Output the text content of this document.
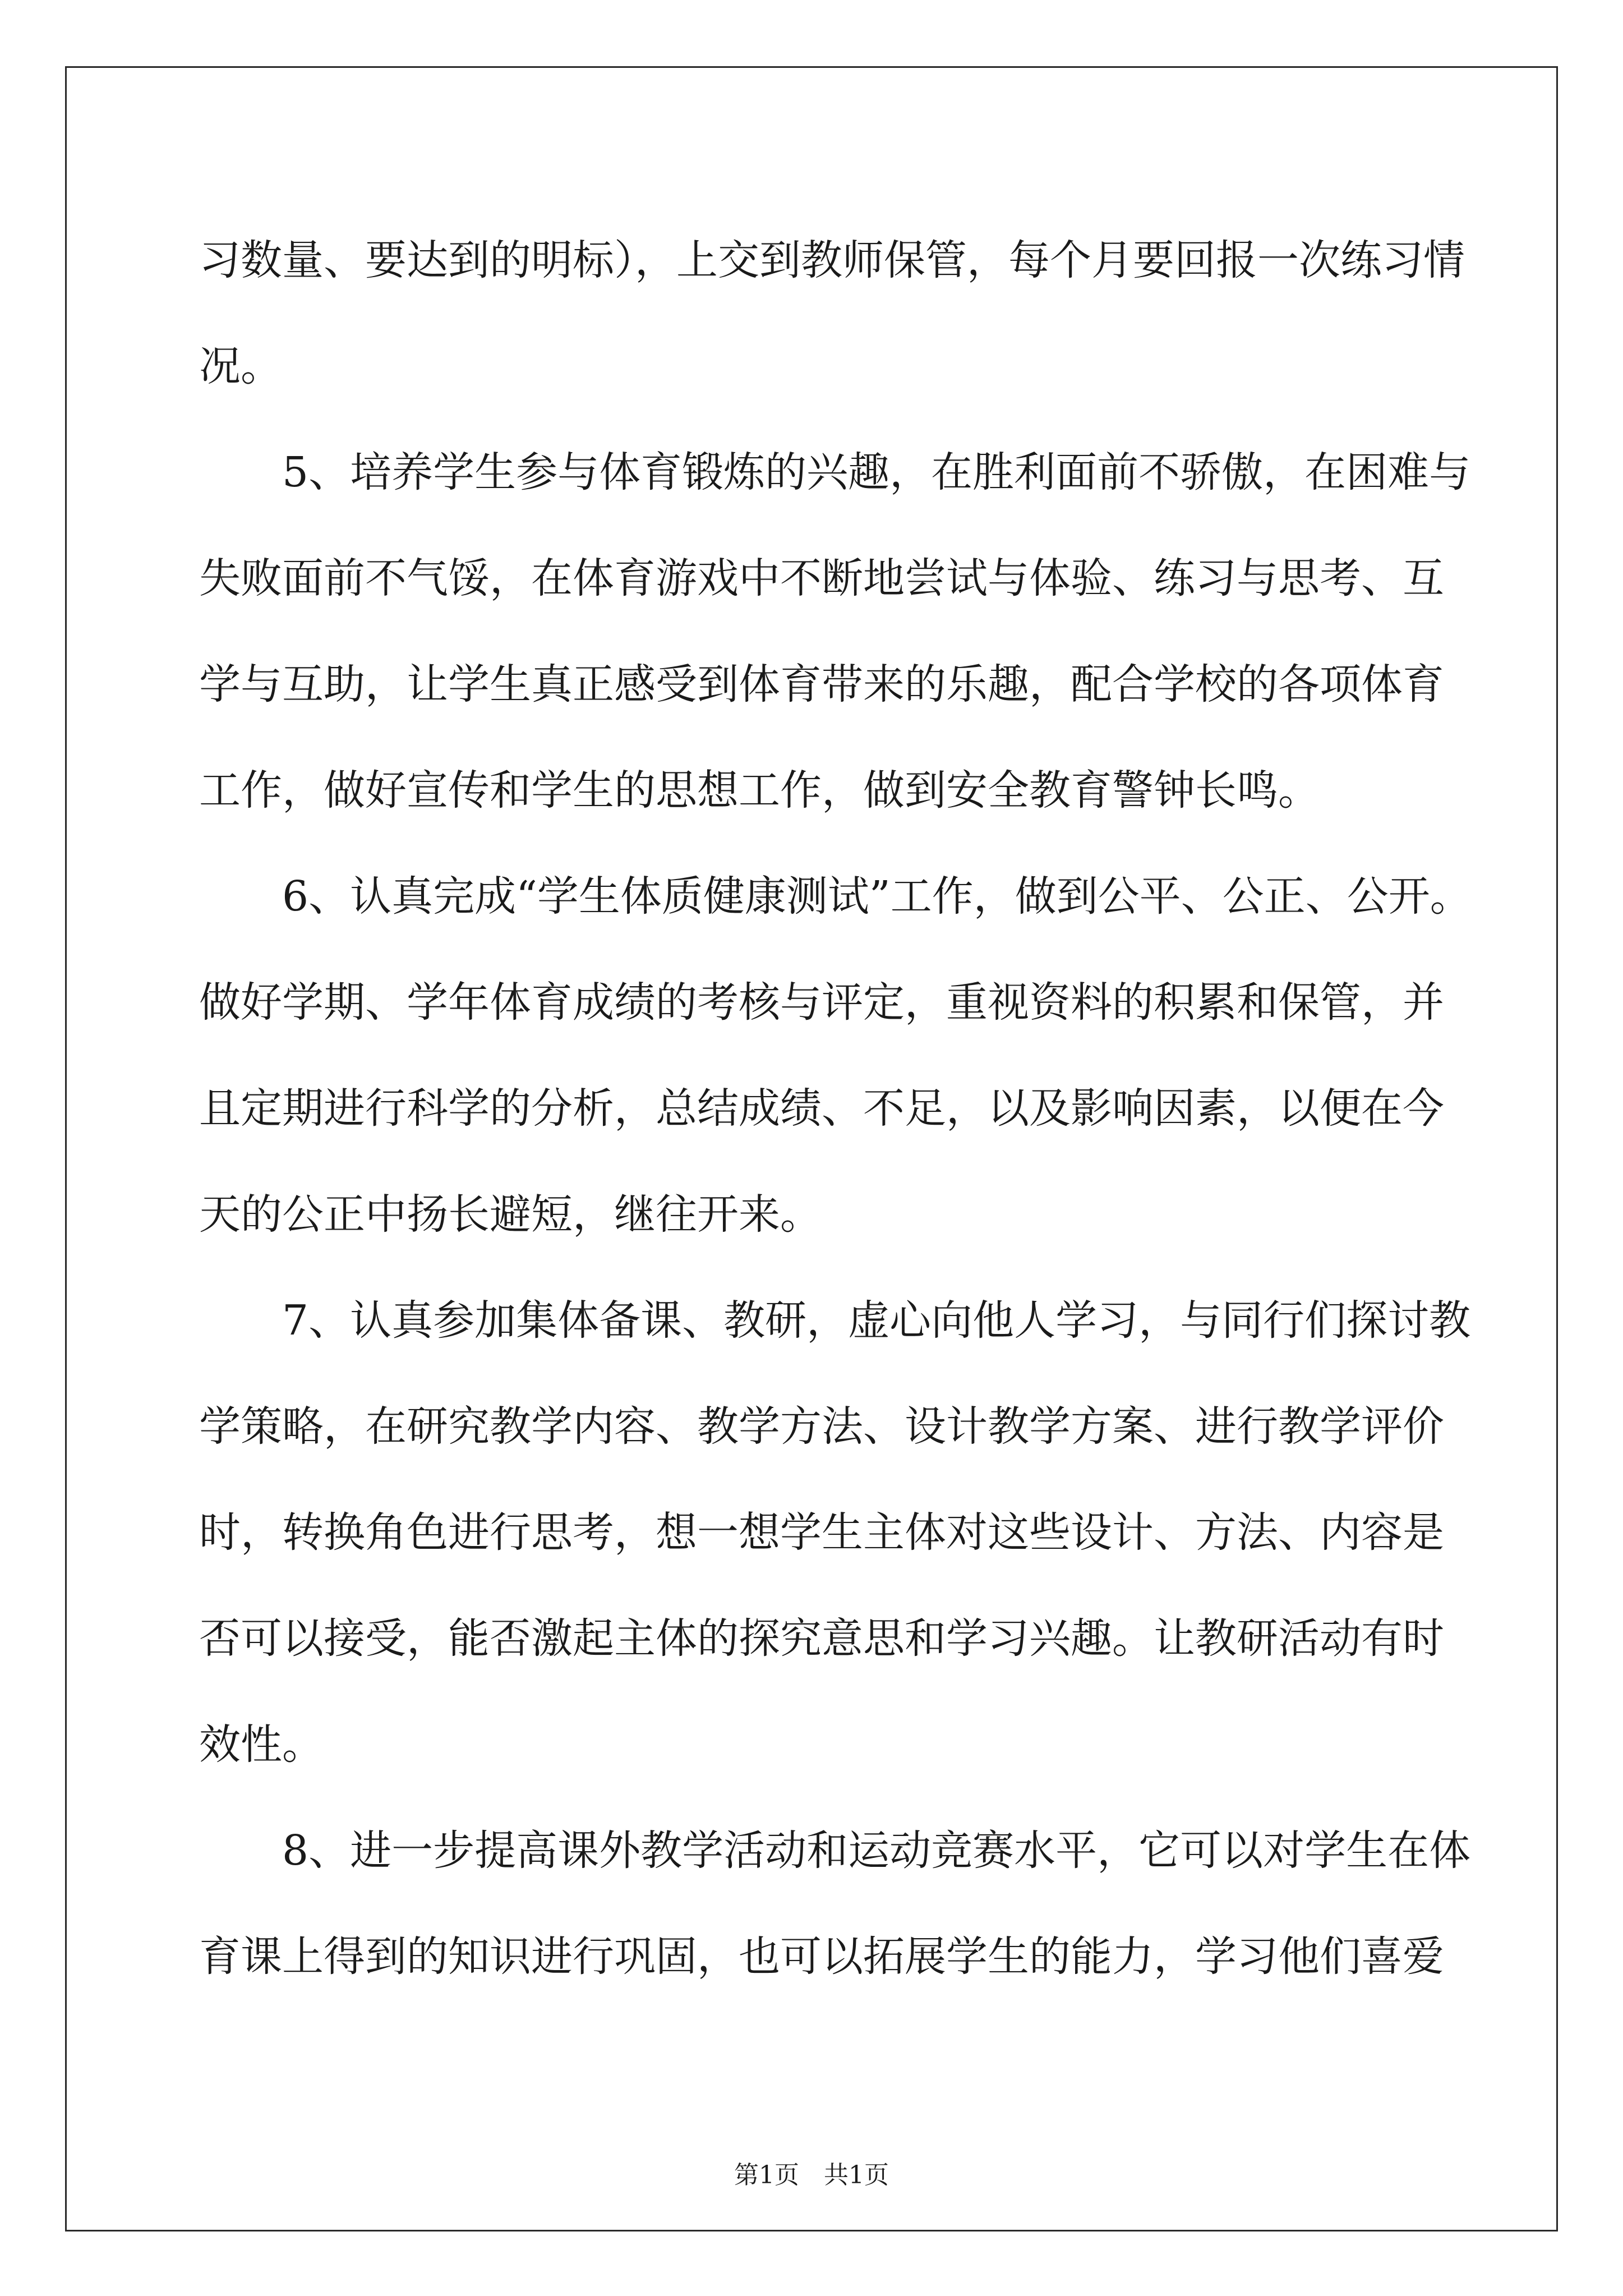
习数量、要达到的明标），上交到教师保管，每个月要回报一次练习情
况。
5、培养学生参与体育锻炼的兴趣，在胜利面前不骄傲，在困难与
失败面前不气馁，在体育游戏中不断地尝试与体验、练习与思考、互
学与互助，让学生真正感受到体育带来的乐趣，配合学校的各项体育
工作，做好宣传和学生的思想工作，做到安全教育警钟长鸣。
6、认真完成“学生体质健康测试”工作，做到公平、公正、公开。
做好学期、学年体育成绩的考核与评定，重视资料的积累和保管，并
且定期进行科学的分析，总结成绩、不足，以及影响因素，以便在今
天的公正中扬长避短，继往开来。
7、认真参加集体备课、教研，虚心向他人学习，与同行们探讨教
学策略，在研究教学内容、教学方法、设计教学方案、进行教学评价
时，转换角色进行思考，想一想学生主体对这些设计、方法、内容是
否可以接受，能否激起主体的探究意思和学习兴趣。让教研活动有时
效性。
8、进一步提高课外教学活动和运动竞赛水平，它可以对学生在体
育课上得到的知识进行巩固，也可以拓展学生的能力，学习他们喜爱
第1页　共1页
